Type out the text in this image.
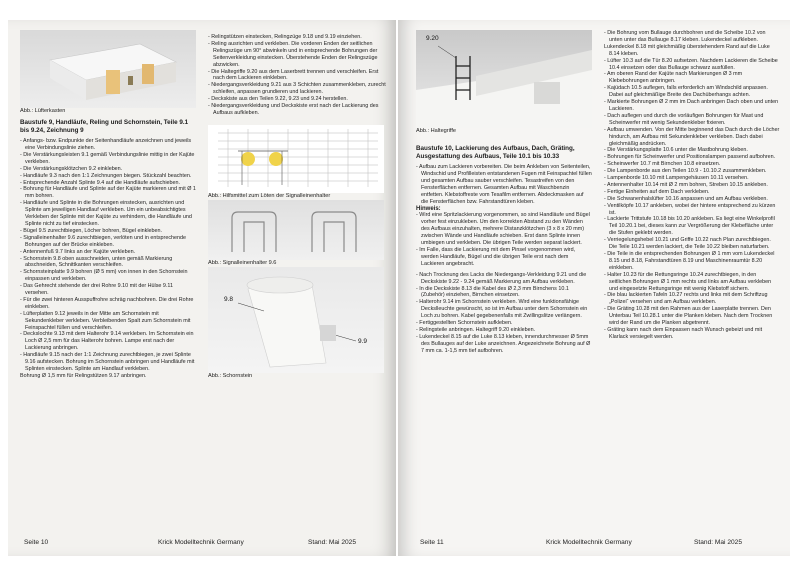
Abb.: Lüfterkasten

Baustufe 9, Handläufe, Reling und Schornstein, Teile 9.1 bis 9.24, Zeichnung 9

- Anfangs- bzw. Endpunkte der Seitenhandläufe anzeichnen und jeweils eine Verbindungslinie ziehen.

- Die Verstärkungsleisten 9.1 gemäß Verbindungslinie mittig in der Kajüte verkleben.

- Die Verstärkungsklötzchen 9.2 einkleben.

- Handläufe 9.3 nach den 1:1 Zeichnungen biegen. Stückzahl beachten.

- Entsprechende Anzahl Splinte 9.4 auf die Handläufe aufschieben.

- Bohrung für Handläufe und Splinte auf der Kajüte markieren und mit Ø 1 mm bohren.

- Handläufe und Splinte in die Bohrungen einstecken, ausrichten und Splinte am jeweiligen Handlauf verkleben. Um ein unbeabsichtigtes Verkleben der Splinte mit der Kajüte zu verhindern, die Handläufe und Splinte nicht zu tief einstecken.

- Bügel 9.5 zurechtbiegen, Löcher bohren, Bügel einkleben.

- Signalleinenhalter 9.6 zurechtbiegen, verlöten und in entsprechende Bohrungen auf der Brücke einkleben.

- Antennenfuß 9.7 links an der Kajüte verkleben.

- Schornstein 9.8 oben ausschneiden, unten gemäß Markierung abschneiden, Schnittkanten verschleifen.

- Schornsteinplatte 9.9 bohren (Ø 5 mm) von innen in den Schornstein einpassen und verkleben.

- Das Gehrecht stehende der drei Rohre 9.10 mit der Hülse 9.11 versehen.

- Für die zwei hinteren Ausspuffrohre schräg nachbohren. Die drei Rohre einkleben.

- Lüfterplatten 9.12 jeweils in der Mitte am Schornstein mit Sekundenkleber verkleben. Verbleibenden Spalt zum Schornstein mit Feinspachtel füllen und verschleifen.

- Deckslochte 9.13 mit dem Halterohr 9.14 verkleben. Im Schornstein ein Loch Ø 2,5 mm für das Halterohr bohren. Lampe erst nach der Lackierung anbringen.

- Handläufe 9.15 nach der 1:1 Zeichnung zurechtbiegen, je zwei Splinte 9.16 aufstecken. Bohrung im Schornstein anbringen und Handläufe mit Splinten einstecken. Splinte am Handlauf verkleben.

Bohrung Ø 1,5 mm für Relingstützen 9.17 anbringen.

- Relingstützen einstecken, Relingzüge 9.18 und 9.19 einziehen.

- Reling ausrichten und verkleben. Die vorderen Enden der seitlichen Relingszüge um 90° abwinkeln und in entsprechende Bohrungen der Seitenverkleidung einstecken. Überstehende Enden der Relingszüge abzwicken.

- Die Haltegriffe 9.20 aus dem Laserbrett trennen und verschleifen. Erst nach dem Lackieren einkleben.

- Niedergangsverkleidung 9.21 aus 3 Schichten zusammenkleben, zurecht schleifen, anpassen grundieren und lackieren.

- Deckskiste aus den Teilen 9.22, 9.23 und 9.24 herstellen.

- Niedergangsverkleidung und Deckskiste erst nach der Lackierung des Aufbaus aufkleben.

Abb.: Hilfsmittel zum Löten der Signalleinenhalter

Abb.: Signalleinenhalter 9.6

9.8
9.9

Abb.: Schornstein

Seite 10	Krick Modelltechnik Germany	Stand: Mai 2025
9.20

Abb.: Haltegriffe

Baustufe 10, Lackierung des Aufbaus, Dach, Gräting, Ausgestattung des Aufbaus, Teile 10.1 bis 10.33

- Aufbau zum Lackieren vorbereiten. Die beim Ankleben von Seitenteilen, Windschid und Profilleisten entstandenen Fugen mit Feinspachtel füllen und gesamten Aufbau sauber verschleifen. Tesastreifen von den Fensterflächen entfernen. Gesamten Aufbau mit Waschbenzin entfetten. Klebstoffreste vom Tesafilm entfernen. Abdeckmasken auf die Fensterflächen bzw. Fahrstandtüren kleben.

Hinweis:

- Wird eine Spritzlackierung vorgenommen, so sind Handläufe und Bügel vorher fest einzukleben. Um den korrekten Abstand zu den Wänden des Aufbaus einzuhalten, mehrere Distanzklötzchen (3 x 8 x 20 mm) zwischen Wände und Handläufe schieben. Erst dann Splinte innen umbiegen und verkleben. Die übrigen Teile werden separat lackiert.

- Im Falle, dass die Lackierung mit dem Pinsel vorgenommen wird, werden Handläufe, Bügel und die übrigen Teile erst nach dem Lackieren angebracht.

- Nach Trocknung des Lacks die Niedergangs-Verkleidung 9.21 und die Deckskiste 9.22 - 9.24 gemäß Markierung am Aufbau verkleben.

- In die Deckskiste 8.13 die Kabel des Ø 2,3 mm Birnchens 10.1 (Zubehör) einziehen, Birnchen einsetzen.

- Halterohr 9.14 im Schornstein verkleben. Wird eine funktionsfähige Deckslleuchte gewünscht, so ist im Aufbau unter dem Schornstein ein Loch zu bohren. Kabel gegebenenfalls mit Zwillingslitze verlängern.

- Fertiggestellten Schornstein aufkleben.

- Relingsteile anbringen. Haltegriff 9.20 einkleben.

- Lukendeckel 8.15 auf die Luke 8.13 kleben, innendurchmesser Ø 5mm des Bullauges auf der Luke anzeichnen. Angezeichnete Bohrung auf Ø 7 mm ca. 1-1,5 mm tief aufbohren.

- Die Bohrung vom Bullauge durchbohren und die Scheibe 10.2 von unten unter das Bullauge 8.17 kleben. Lukendeckel aufkleben.

Lukendeckel 8.18 mit gleichmäßig überstehendem Rand auf die Luke 8.14 kleben.

- Lüfter 10.3 auf die Tür 8.20 aufsetzen. Nachdem Lackieren die Scheibe 10.4 einsetzen oder das Bullauge schwarz ausfüllen.

- Am oberen Rand der Kajüte nach Markierungen Ø 3 mm Klebebohrungen anbringen.

- Kajüdach 10.5 auflegen, falls erforderlich am Windschild anpassen. Dabei auf gleichmäßige Breite des Dachüberhangs achten.

- Markierte Bohrungen Ø 2 mm im Dach anbringen Dach oben und unten Lackieren.

- Dach auflegen und durch die vorläufigen Bohrungen für Mast und Scheinwerfer mit wenig Sekundenkleber fixieren.

- Aufbau umwenden. Von der Mitte beginnend das Dach durch die Löcher hindurch, am Aufbau mit Sekundenkleber verkleben. Dach dabei gleichmäßig andrücken.

- Die Verstärkungsplatte 10.6 unter die Mastbohrung kleben.

- Bohrungen für Scheinwerfer und Positionslampen passend aufbohren.

- Scheinwerfer 10.7 mit Birnchen 10.8 einsetzen.

- Die Lampenborde aus den Teilen 10.9 - 10.10.2 zusammenkleben.

- Lampenborde 10.10 mit Lampengehäusen 10.11 versehen.

- Antennenhalter 10.14 mit Ø 2 mm bohren, Streben 10.15 ankleben.

- Fertige Einheiten auf dem Dach verkleben.

- Die Schwanenhalslüfter 10.16 anpassen und am Aufbau verkleben.

- Ventilköpfe 10.17 ankleben, wobei der hintere entsprechend zu kürzen ist.

- Lackierte Trittstufe 10.18 bis 10.20 ankleben. Es liegt eine Winkelprofil Teil 10.20.1 bei, dieses kann zur Vergrößerung der Klebefläche unter die Stufen geklebt werden.

- Verriegelungshebel 10.21 und Griffe 10.22 nach Plan zurechtbiegen. Die Teile 10.21 werden lackiert, die Teile 10.22 bleiben naturfarben.

- Die Teile in die entsprechenden Bohrungen Ø 1 mm vom Lukendeckel 8.15 und 8.18, Fahrstandtüren 8.19 und Maschinenraumtür 8.20 einkleben.

- Halter 10.23 für die Rettungsringe 10.24 zurechtbiegen, in den seitlichen Bohrungen Ø 1 mm rechts und links am Aufbau verkleben und eingesetzte Rettungsringe mit wenig Klebstoff sichern.

- Die blau lackierten Tafeln 10.27 rechts und links mit dem Schriftzug „Polizei“ versehen und am Aufbau verkleben.

- Die Gräting 10.28 mit den Rahmen aus der Laserplatte trennen. Den Unterbau Teil 10.28.1 unter die Planken kleben. Nach dem Trocknen wird der Rand um die Planken abgetrennt.

- Gräting kann nach dem Einpassen nach Wunsch gebeizt und mit Klarlack versiegelt werden.

Seite 11	Krick Modelltechnik Germany	Stand: Mai 2025
